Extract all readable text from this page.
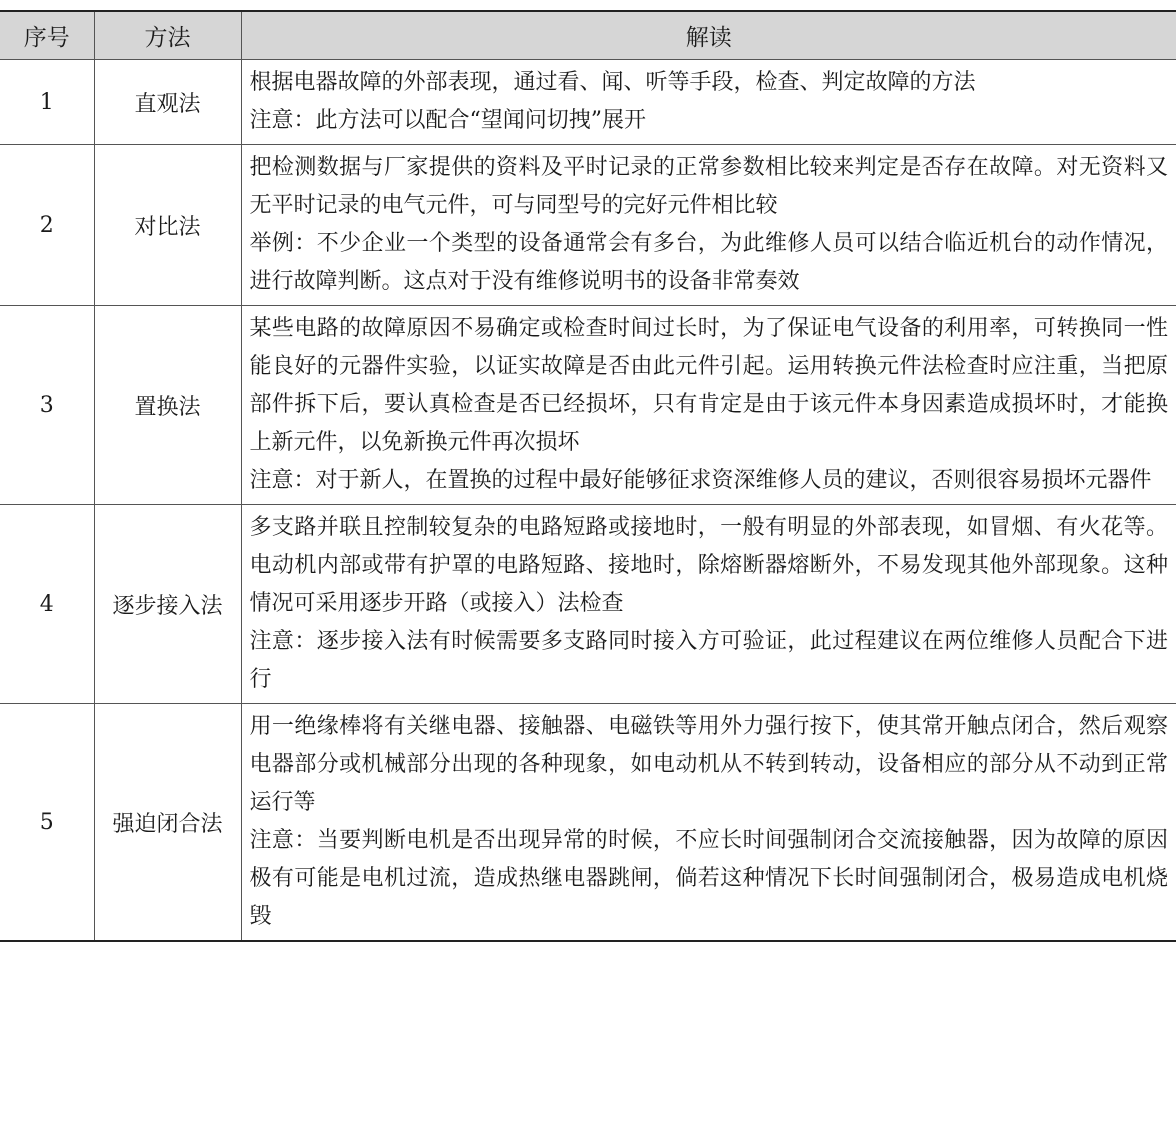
序号	方法	解读
1	直观法	根据电器故障的外部表现，通过看、闻、听等手段，检查、判定故障的方法

注意：此方法可以配合“望闻问切拽”展开

2	对比法	把检测数据与厂家提供的资料及平时记录的正常参数相比较来判定是否存在故障。对无资料又无平时记录的电气元件，可与同型号的完好元件相比较

举例：不少企业一个类型的设备通常会有多台，为此维修人员可以结合临近机台的动作情况，进行故障判断。这点对于没有维修说明书的设备非常奏效

3	置换法	某些电路的故障原因不易确定或检查时间过长时，为了保证电气设备的利用率，可转换同一性能良好的元器件实验，以证实故障是否由此元件引起。运用转换元件法检查时应注重，当把原部件拆下后，要认真检查是否已经损坏，只有肯定是由于该元件本身因素造成损坏时，才能换上新元件，以免新换元件再次损坏

注意：对于新人，在置换的过程中最好能够征求资深维修人员的建议，否则很容易损坏元器件

4	逐步接入法	多支路并联且控制较复杂的电路短路或接地时，一般有明显的外部表现，如冒烟、有火花等。电动机内部或带有护罩的电路短路、接地时，除熔断器熔断外，不易发现其他外部现象。这种情况可采用逐步开路（或接入）法检查

注意：逐步接入法有时候需要多支路同时接入方可验证，此过程建议在两位维修人员配合下进行

5	强迫闭合法	用一绝缘棒将有关继电器、接触器、电磁铁等用外力强行按下，使其常开触点闭合，然后观察电器部分或机械部分出现的各种现象，如电动机从不转到转动，设备相应的部分从不动到正常运行等

注意：当要判断电机是否出现异常的时候，不应长时间强制闭合交流接触器，因为故障的原因极有可能是电机过流，造成热继电器跳闸，倘若这种情况下长时间强制闭合，极易造成电机烧毁
